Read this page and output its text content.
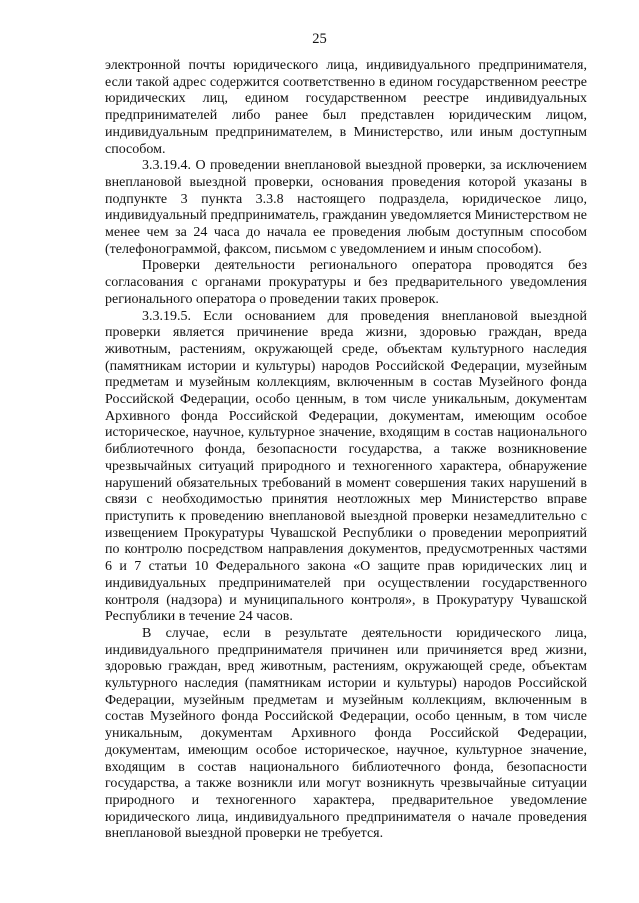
25

электронной почты юридического лица, индивидуального предпринимателя, если такой адрес содержится соответственно в едином государственном реестре юридических лиц, едином государственном реестре индивидуальных предпринимателей либо ранее был представлен юридическим лицом, индивидуальным предпринимателем, в Министерство, или иным доступным способом.

3.3.19.4. О проведении внеплановой выездной проверки, за исключением внеплановой выездной проверки, основания проведения которой указаны в подпункте 3 пункта 3.3.8 настоящего подраздела, юридическое лицо, индивидуальный предприниматель, гражданин уведомляется Министерством не менее чем за 24 часа до начала ее проведения любым доступным способом (телефонограммой, факсом, письмом с уведомлением и иным способом).

Проверки деятельности регионального оператора проводятся без согласования с органами прокуратуры и без предварительного уведомления регионального оператора о проведении таких проверок.

3.3.19.5. Если основанием для проведения внеплановой выездной проверки является причинение вреда жизни, здоровью граждан, вреда животным, растениям, окружающей среде, объектам культурного наследия (памятникам истории и культуры) народов Российской Федерации, музейным предметам и музейным коллекциям, включенным в состав Музейного фонда Российской Федерации, особо ценным, в том числе уникальным, документам Архивного фонда Российской Федерации, документам, имеющим особое историческое, научное, культурное значение, входящим в состав национального библиотечного фонда, безопасности государства, а также возникновение чрезвычайных ситуаций природного и техногенного характера, обнаружение нарушений обязательных требований в момент совершения таких нарушений в связи с необходимостью принятия неотложных мер Министерство вправе приступить к проведению внеплановой выездной проверки незамедлительно с извещением Прокуратуры Чувашской Республики о проведении мероприятий по контролю посредством направления документов, предусмотренных частями 6 и 7 статьи 10 Федерального закона «О защите прав юридических лиц и индивидуальных предпринимателей при осуществлении государственного контроля (надзора) и муниципального контроля», в Прокуратуру Чувашской Республики в течение 24 часов.

В случае, если в результате деятельности юридического лица, индивидуального предпринимателя причинен или причиняется вред жизни, здоровью граждан, вред животным, растениям, окружающей среде, объектам культурного наследия (памятникам истории и культуры) народов Российской Федерации, музейным предметам и музейным коллекциям, включенным в состав Музейного фонда Российской Федерации, особо ценным, в том числе уникальным, документам Архивного фонда Российской Федерации, документам, имеющим особое историческое, научное, культурное значение, входящим в состав национального библиотечного фонда, безопасности государства, а также возникли или могут возникнуть чрезвычайные ситуации природного и техногенного характера, предварительное уведомление юридического лица, индивидуального предпринимателя о начале проведения внеплановой выездной проверки не требуется.
